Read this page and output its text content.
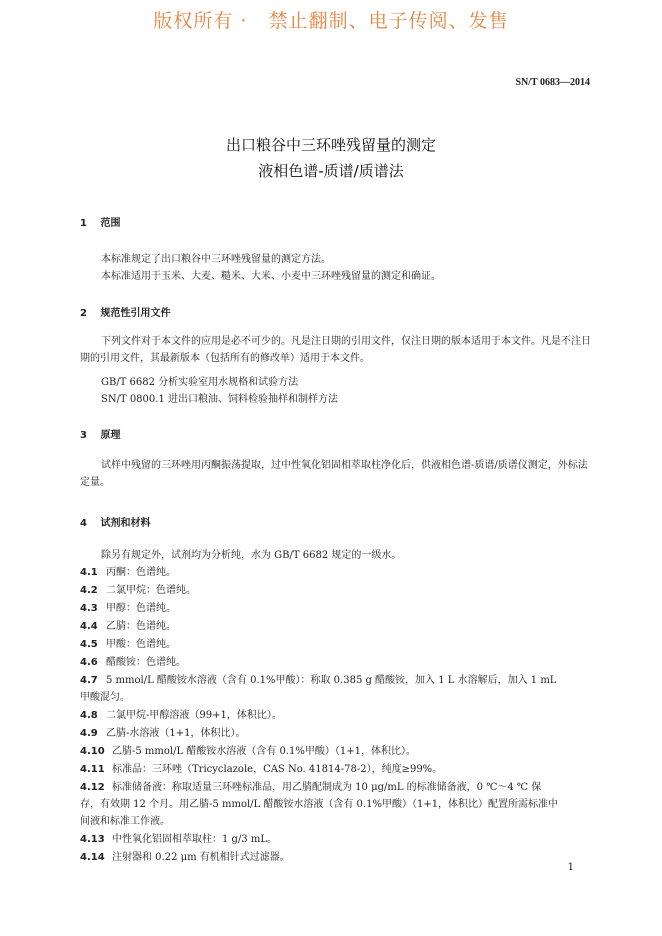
版权所有 ·   禁止翻制、电子传阅、发售
SN/T 0683—2014
出口粮谷中三环唑残留量的测定
液相色谱-质谱/质谱法
1 范围
本标准规定了出口粮谷中三环唑残留量的测定方法。
本标准适用于玉米、大麦、糙米、大米、小麦中三环唑残留量的测定和确证。
2 规范性引用文件
下列文件对于本文件的应用是必不可少的。凡是注日期的引用文件，仅注日期的版本适用于本文件。凡是不注日期的引用文件，其最新版本（包括所有的修改单）适用于本文件。
GB/T 6682 分析实验室用水规格和试验方法
SN/T 0800.1 进出口粮油、饲料检验抽样和制样方法
3 原理
试样中残留的三环唑用丙酮振荡提取，过中性氧化铝固相萃取柱净化后，供液相色谱-质谱/质谱仪测定，外标法定量。
4 试剂和材料
除另有规定外，试剂均为分析纯，水为 GB/T 6682 规定的一级水。
4.1 丙酮：色谱纯。
4.2 二氯甲烷：色谱纯。
4.3 甲醇：色谱纯。
4.4 乙腈：色谱纯。
4.5 甲酸：色谱纯。
4.6 醋酸铵：色谱纯。
4.7 5 mmol/L 醋酸铵水溶液（含有 0.1%甲酸）：称取 0.385 g 醋酸铵，加入 1 L 水溶解后，加入 1 mL
甲酸混匀。
4.8 二氯甲烷-甲醇溶液（99+1，体积比）。
4.9 乙腈-水溶液（1+1，体积比）。
4.10 乙腈-5 mmol/L 醋酸铵水溶液（含有 0.1%甲酸）（1+1，体积比）。
4.11 标准品：三环唑（Tricyclazole，CAS No. 41814-78-2），纯度≥99%。
4.12 标准储备液：称取适量三环唑标准品，用乙腈配制成为 10 μg/mL 的标准储备液，0 ℃～4 ℃ 保
存，有效期 12 个月。用乙腈-5 mmol/L 醋酸铵水溶液（含有 0.1%甲酸）（1+1，体积比）配置所需标准中
间液和标准工作液。
4.13 中性氧化铝固相萃取柱：1 g/3 mL。
4.14 注射器和 0.22 μm 有机相针式过滤器。
1
